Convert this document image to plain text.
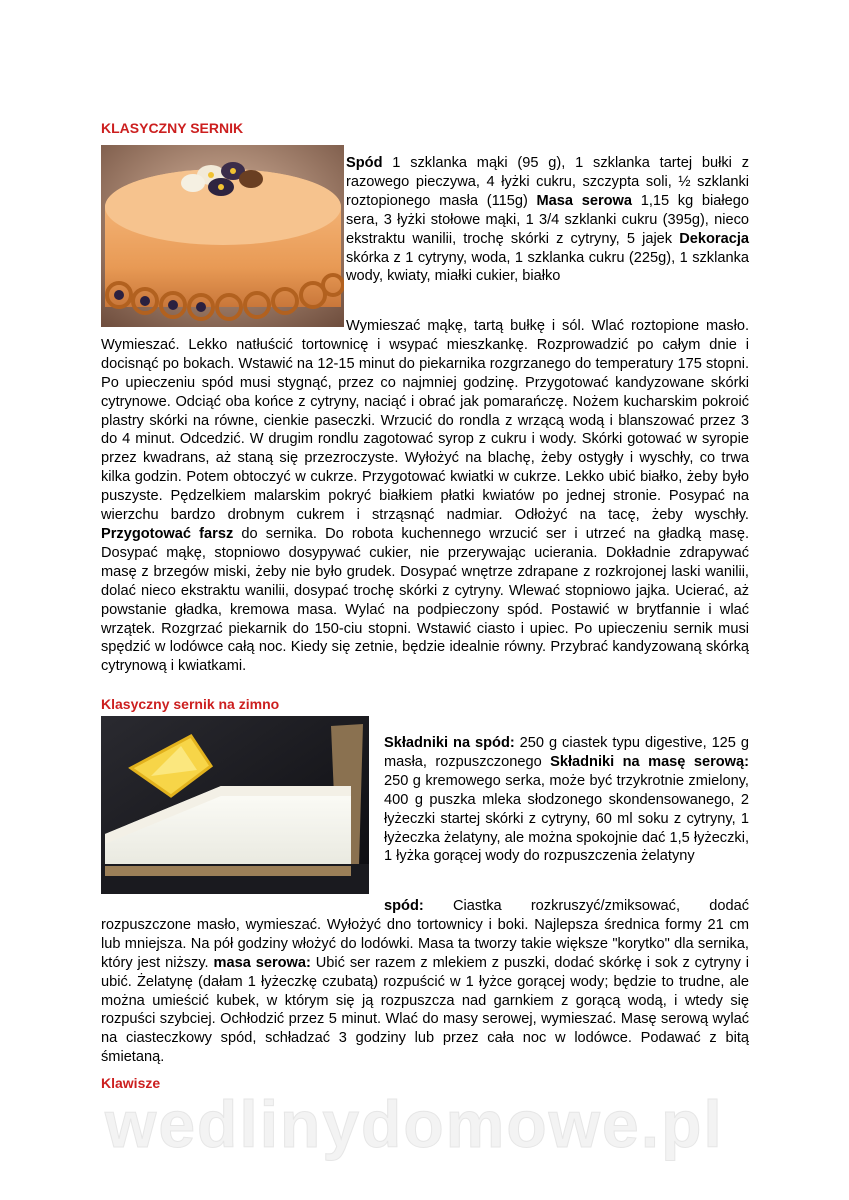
KLASYCZNY SERNIK

Spód 1 szklanka mąki (95 g), 1 szklanka tartej bułki z razowego pieczywa, 4 łyżki cukru, szczypta soli, ½ szklanki roztopionego masła (115g) Masa serowa 1,15 kg białego sera, 3 łyżki stołowe mąki, 1 3/4 szklanki cukru (395g), nieco ekstraktu wanilii, trochę skórki z cytryny, 5 jajek Dekoracja skórka z 1 cytryny, woda, 1 szklanka cukru (225g), 1 szklanka wody, kwiaty, miałki cukier, białko

Wymieszać mąkę, tartą bułkę i sól. Wlać roztopione masło. Wymieszać. Lekko natłuścić tortownicę i wsypać mieszkankę. Rozprowadzić po całym dnie i docisnąć po bokach. Wstawić na 12-15 minut do piekarnika rozgrzanego do temperatury 175 stopni. Po upieczeniu spód musi stygnąć, przez co najmniej godzinę. Przygotować kandyzowane skórki cytrynowe. Odciąć oba końce z cytryny, naciąć i obrać jak pomarańczę. Nożem kucharskim pokroić plastry skórki na równe, cienkie paseczki. Wrzucić do rondla z wrzącą wodą i blanszować przez 3 do 4 minut. Odcedzić. W drugim rondlu zagotować syrop z cukru i wody. Skórki gotować w syropie przez kwadrans, aż staną się przezroczyste. Wyłożyć na blachę, żeby ostygły i wyschły, co trwa kilka godzin. Potem obtoczyć w cukrze. Przygotować kwiatki w cukrze. Lekko ubić białko, żeby było puszyste. Pędzelkiem malarskim pokryć białkiem płatki kwiatów po jednej stronie. Posypać na wierzchu bardzo drobnym cukrem i strząsnąć nadmiar. Odłożyć na tacę, żeby wyschły. Przygotować farsz do sernika. Do robota kuchennego wrzucić ser i utrzeć na gładką masę. Dosypać mąkę, stopniowo dosypywać cukier, nie przerywając ucierania. Dokładnie zdrapywać masę z brzegów miski, żeby nie było grudek. Dosypać wnętrze zdrapane z rozkrojonej laski wanilii, dolać nieco ekstraktu wanilii, dosypać trochę skórki z cytryny. Wlewać stopniowo jajka. Ucierać, aż powstanie gładka, kremowa masa. Wylać na podpieczony spód. Postawić w brytfannie i wlać wrzątek. Rozgrzać piekarnik do 150-ciu stopni. Wstawić ciasto i upiec. Po upieczeniu sernik musi spędzić w lodówce całą noc. Kiedy się zetnie, będzie idealnie równy. Przybrać kandyzowaną skórką cytrynową i kwiatkami.

Klasyczny sernik na zimno

Składniki na spód: 250 g ciastek typu digestive, 125 g masła, rozpuszczonego Składniki na masę serową: 250 g kremowego serka, może być trzykrotnie zmielony, 400 g puszka mleka słodzonego skondensowanego, 2 łyżeczki startej skórki z cytryny, 60 ml soku z cytryny, 1 łyżeczka żelatyny, ale można spokojnie dać 1,5 łyżeczki, 1 łyżka gorącej wody do rozpuszczenia żelatyny

spód: Ciastka rozkruszyć/zmiksować, dodać rozpuszczone masło, wymieszać. Wyłożyć dno tortownicy i boki. Najlepsza średnica formy 21 cm lub mniejsza. Na pół godziny włożyć do lodówki. Masa ta tworzy takie większe "korytko" dla sernika, który jest niższy. masa serowa: Ubić ser razem z mlekiem z puszki, dodać skórkę i sok z cytryny i ubić. Żelatynę (dałam 1 łyżeczkę czubatą) rozpuścić w 1 łyżce gorącej wody; będzie to trudne, ale można umieścić kubek, w którym się ją rozpuszcza nad garnkiem z gorącą wodą, i wtedy się rozpuści szybciej. Ochłodzić przez 5 minut. Wlać do masy serowej, wymieszać. Masę serową wylać na ciasteczkowy spód, schładzać 3 godziny lub przez cała noc w lodówce. Podawać z bitą śmietaną.

Klawisze
wedlinydomowe.pl
